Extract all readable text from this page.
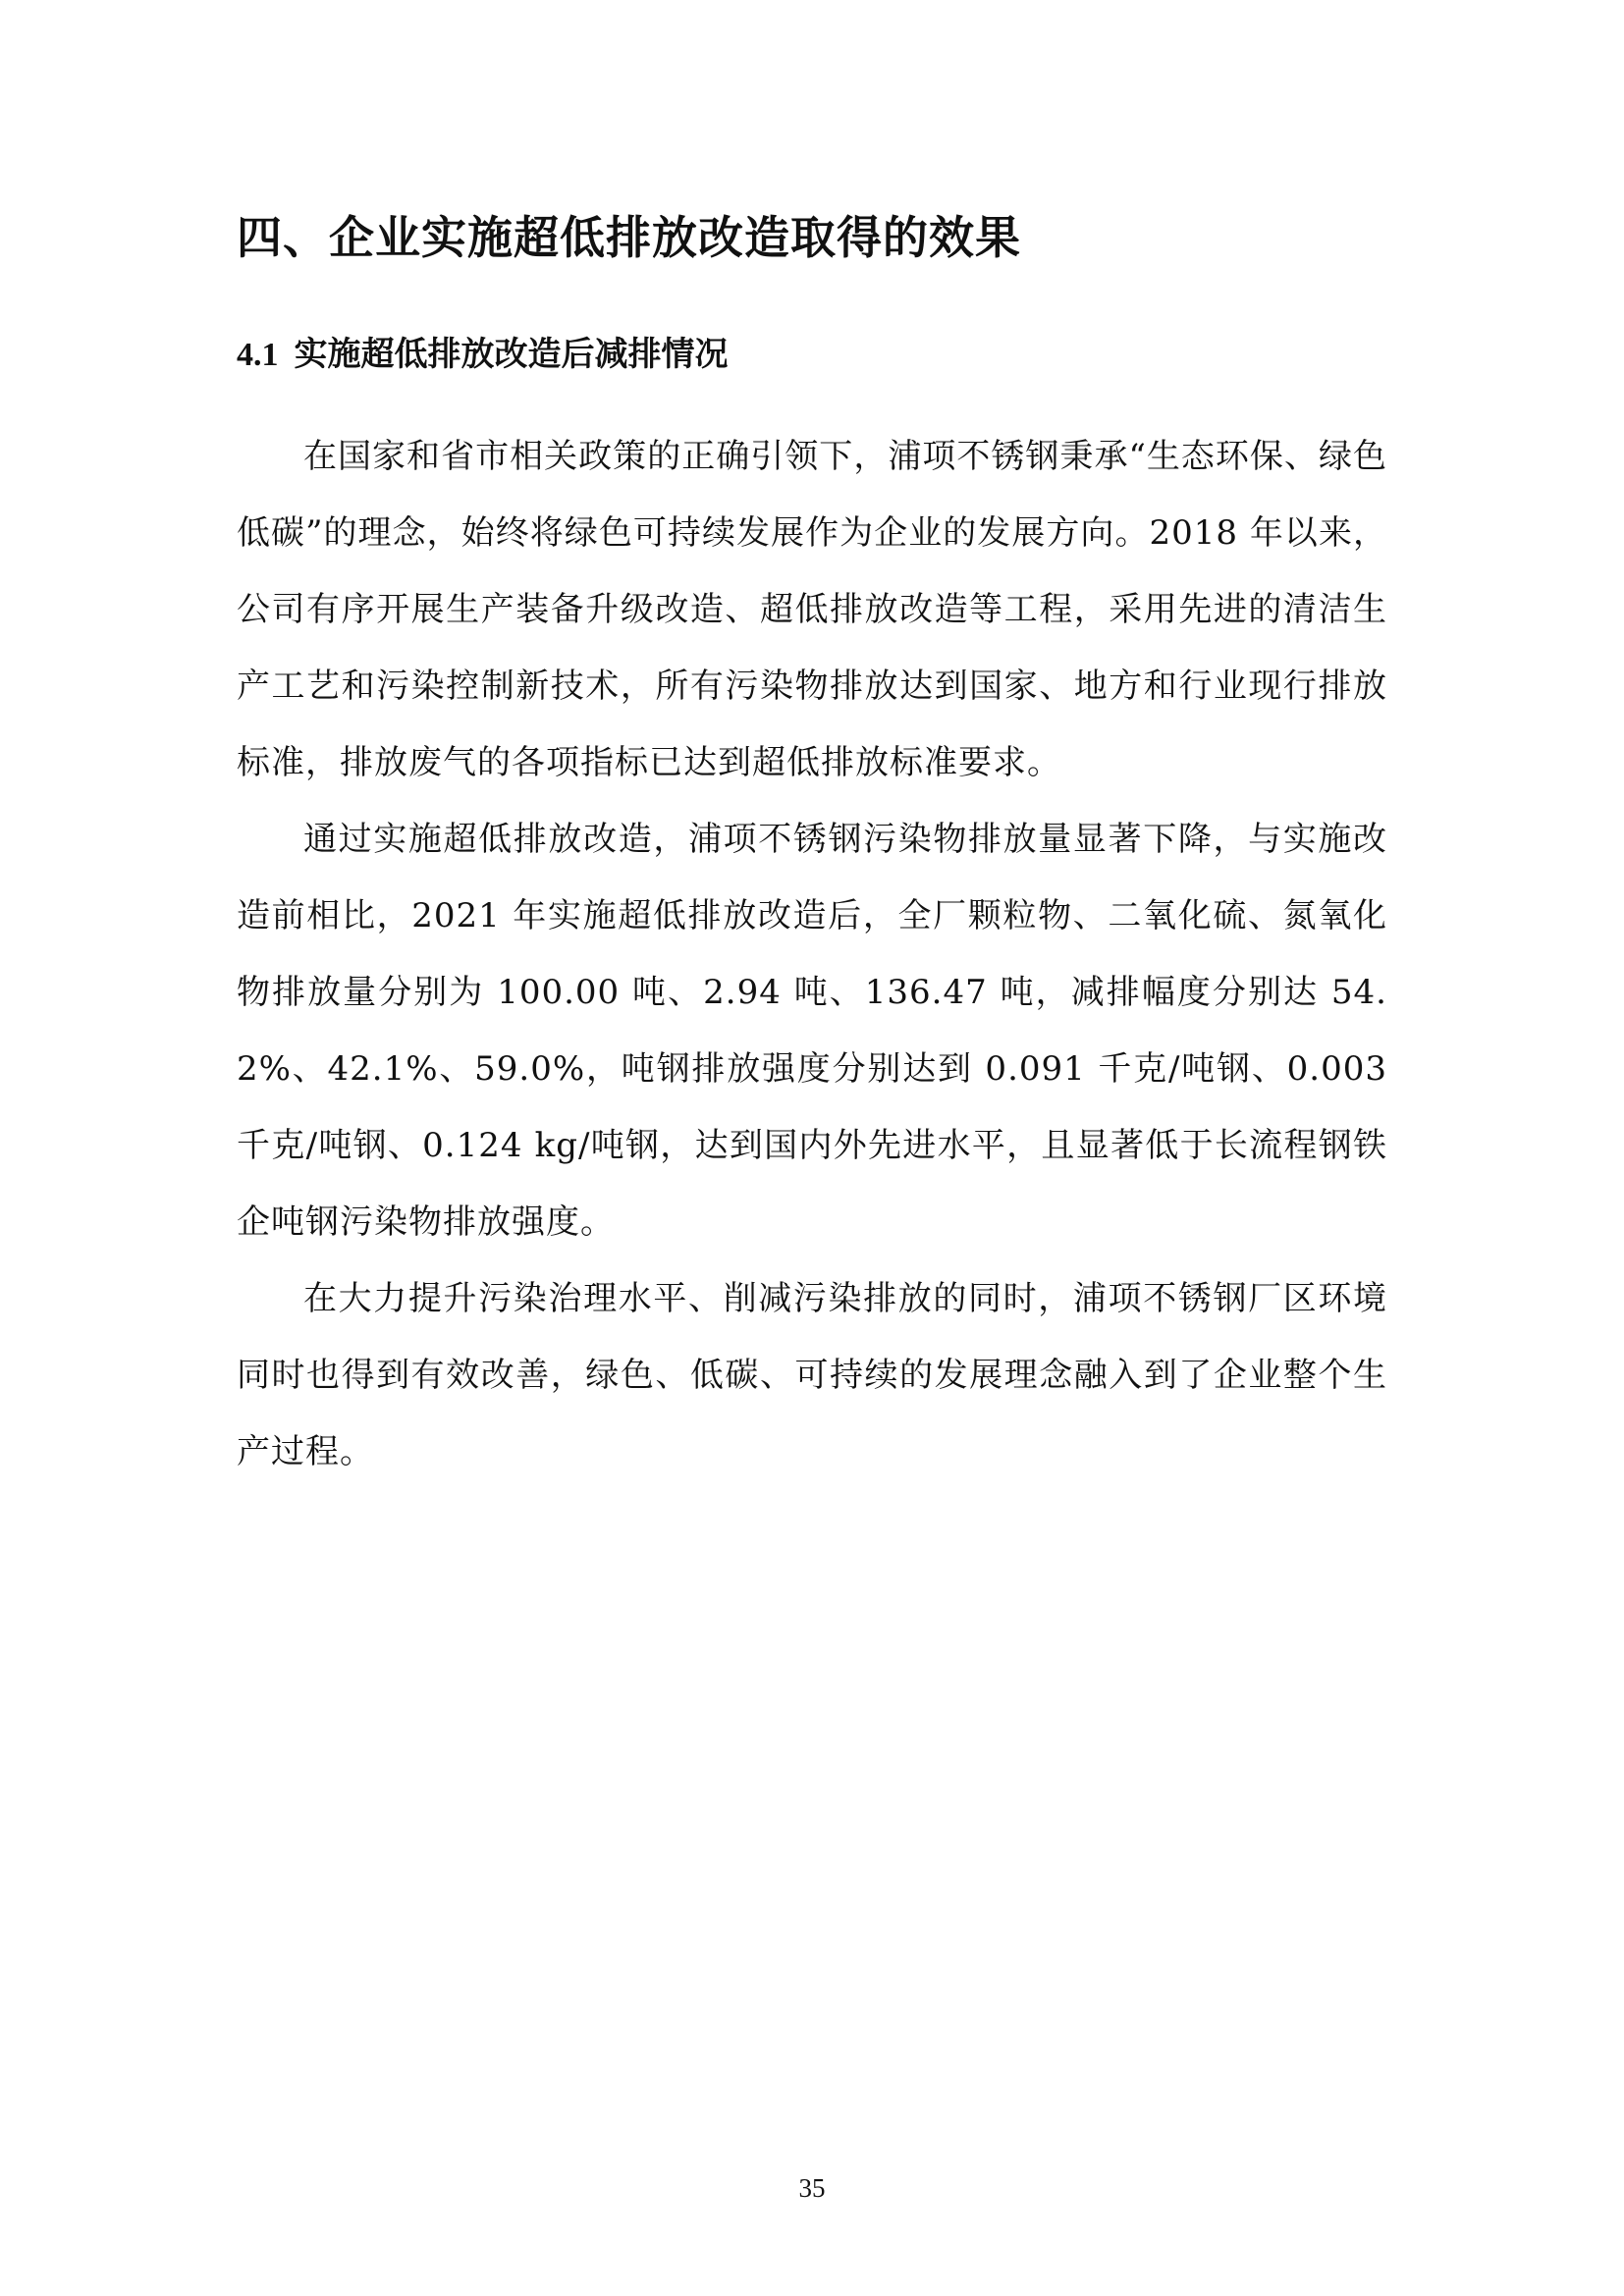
四、企业实施超低排放改造取得的效果
4.1 实施超低排放改造后减排情况

在国家和省市相关政策的正确引领下，浦项不锈钢秉承“生态环保、绿色低碳”的理念，始终将绿色可持续发展作为企业的发展方向。2018 年以来，公司有序开展生产装备升级改造、超低排放改造等工程，采用先进的清洁生产工艺和污染控制新技术，所有污染物排放达到国家、地方和行业现行排放标准，排放废气的各项指标已达到超低排放标准要求。

通过实施超低排放改造，浦项不锈钢污染物排放量显著下降，与实施改造前相比，2021 年实施超低排放改造后，全厂颗粒物、二氧化硫、氮氧化物排放量分别为 100.00 吨、2.94 吨、136.47 吨，减排幅度分别达 54.2%、42.1%、59.0%，吨钢排放强度分别达到 0.091 千克/吨钢、0.003 千克/吨钢、0.124 kg/吨钢，达到国内外先进水平，且显著低于长流程钢铁企吨钢污染物排放强度。

在大力提升污染治理水平、削减污染排放的同时，浦项不锈钢厂区环境同时也得到有效改善，绿色、低碳、可持续的发展理念融入到了企业整个生产过程。

35
